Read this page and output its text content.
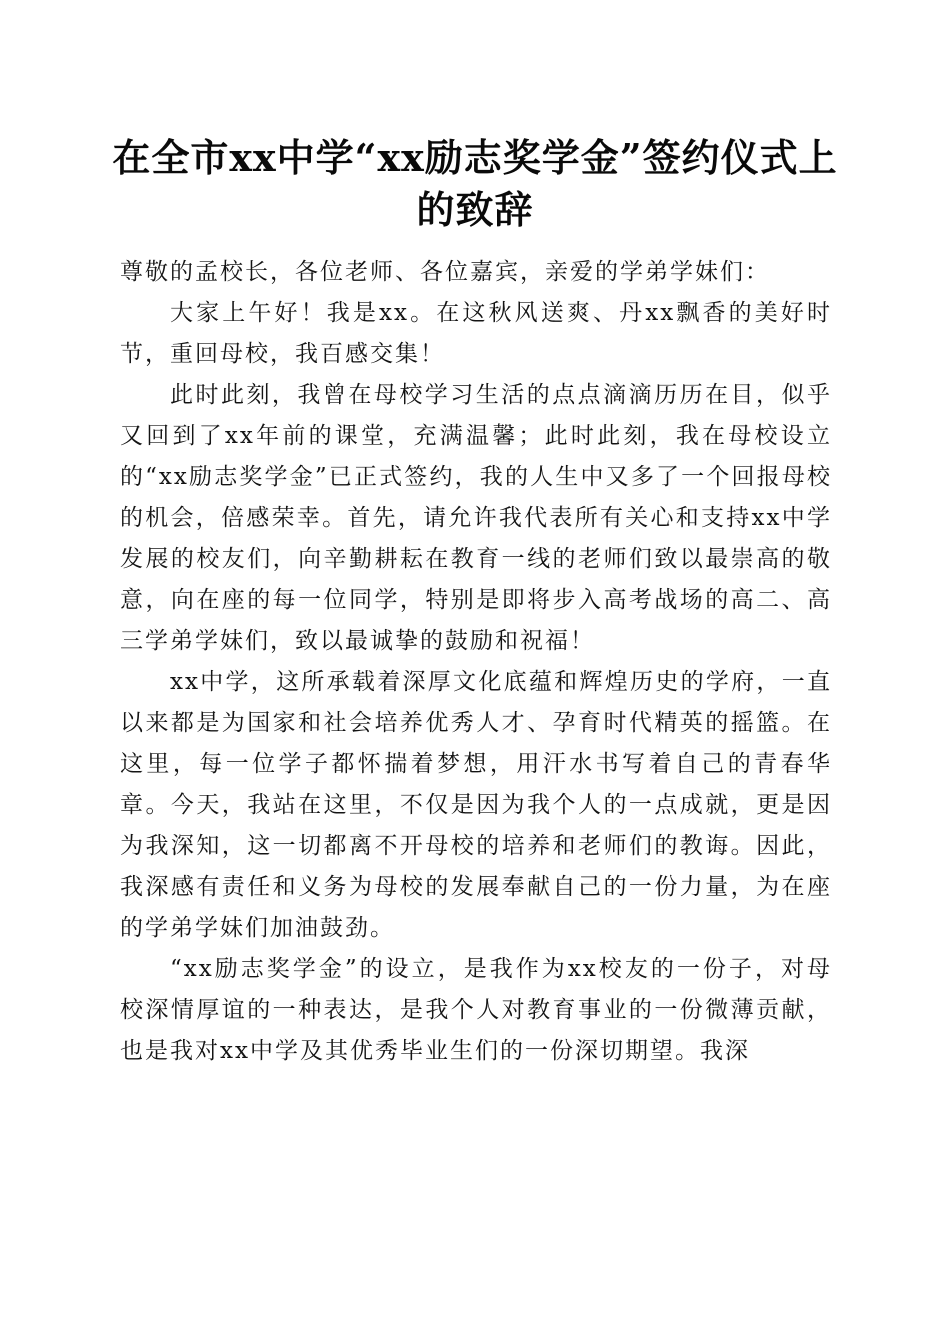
在全市xx中学“xx励志奖学金”签约仪式上的致辞

尊敬的孟校长，各位老师、各位嘉宾，亲爱的学弟学妹们：

大家上午好！我是xx。在这秋风送爽、丹xx飘香的美好时节，重回母校，我百感交集！

此时此刻，我曾在母校学习生活的点点滴滴历历在目，似乎又回到了xx年前的课堂，充满温馨；此时此刻，我在母校设立的“xx励志奖学金”已正式签约，我的人生中又多了一个回报母校的机会，倍感荣幸。首先，请允许我代表所有关心和支持xx中学发展的校友们，向辛勤耕耘在教育一线的老师们致以最崇高的敬意，向在座的每一位同学，特别是即将步入高考战场的高二、高三学弟学妹们，致以最诚挚的鼓励和祝福！

xx中学，这所承载着深厚文化底蕴和辉煌历史的学府，一直以来都是为国家和社会培养优秀人才、孕育时代精英的摇篮。在这里，每一位学子都怀揣着梦想，用汗水书写着自己的青春华章。今天，我站在这里，不仅是因为我个人的一点成就，更是因为我深知，这一切都离不开母校的培养和老师们的教诲。因此，我深感有责任和义务为母校的发展奉献自己的一份力量，为在座的学弟学妹们加油鼓劲。

“xx励志奖学金”的设立，是我作为xx校友的一份子，对母校深情厚谊的一种表达，是我个人对教育事业的一份微薄贡献，也是我对xx中学及其优秀毕业生们的一份深切期望。我深
